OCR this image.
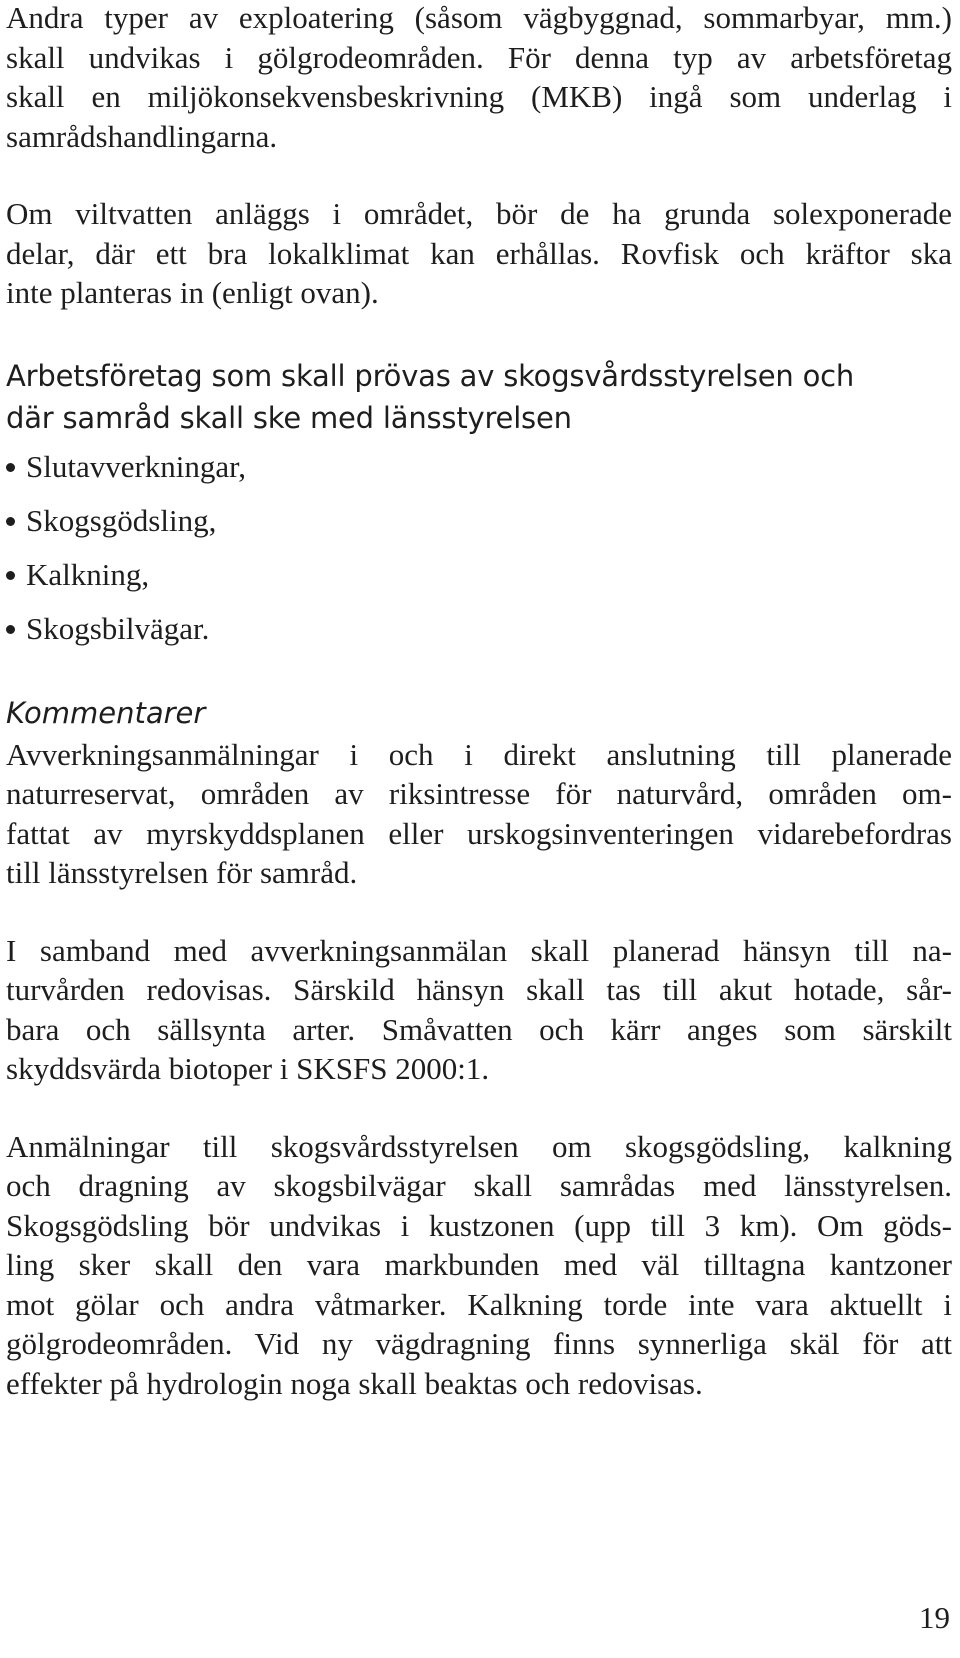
Andra typer av exploatering (såsom vägbyggnad, sommarbyar, mm.)
skall undvikas i gölgrodeområden. För denna typ av arbetsföretag
skall en miljökonsekvensbeskrivning (MKB) ingå som underlag i
samrådshandlingarna.

Om viltvatten anläggs i området, bör de ha grunda solexponerade
delar, där ett bra lokalklimat kan erhållas. Rovfisk och kräftor ska
inte planteras in (enligt ovan).

Arbetsföretag som skall prövas av skogsvårdsstyrelsen och
där samråd skall ske med länsstyrelsen
Slutavverkningar,
Skogsgödsling,
Kalkning,
Skogsbilvägar.
Kommentarer

Avverkningsanmälningar i och i direkt anslutning till planerade
naturreservat, områden av riksintresse för naturvård, områden om-
fattat av myrskyddsplanen eller urskogsinventeringen vidarebefordras
till länsstyrelsen för samråd.

I samband med avverkningsanmälan skall planerad hänsyn till na-
turvården redovisas. Särskild hänsyn skall tas till akut hotade, sår-
bara och sällsynta arter. Småvatten och kärr anges som särskilt
skyddsvärda biotoper i SKSFS 2000:1.

Anmälningar till skogsvårdsstyrelsen om skogsgödsling, kalkning
och dragning av skogsbilvägar skall samrådas med länsstyrelsen.
Skogsgödsling bör undvikas i kustzonen (upp till 3 km). Om göds-
ling sker skall den vara markbunden med väl tilltagna kantzoner
mot gölar och andra våtmarker. Kalkning torde inte vara aktuellt i
gölgrodeområden. Vid ny vägdragning finns synnerliga skäl för att
effekter på hydrologin noga skall beaktas och redovisas.

19
